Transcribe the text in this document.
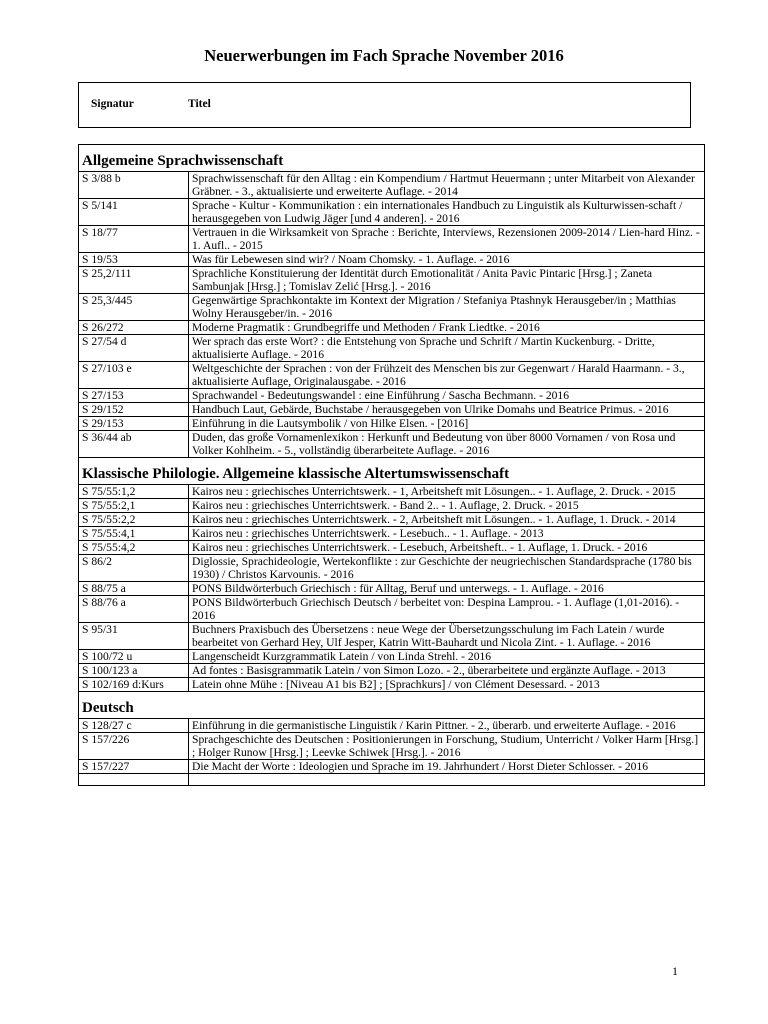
Neuerwerbungen im Fach Sprache November 2016
Signatur	Titel
Allgemeine Sprachwissenschaft	
S 3/88 b	Sprachwissenschaft für den Alltag : ein Kompendium / Hartmut Heuermann ; unter Mitarbeit von Alexander Gräbner. - 3., aktualisierte und erweiterte Auflage. - 2014
S 5/141	Sprache - Kultur - Kommunikation : ein internationales Handbuch zu Linguistik als Kulturwissen-schaft / herausgegeben von Ludwig Jäger [und 4 anderen]. - 2016
S 18/77	Vertrauen in die Wirksamkeit von Sprache : Berichte, Interviews, Rezensionen 2009-2014 / Lien-hard Hinz. - 1. Aufl.. - 2015
S 19/53	Was für Lebewesen sind wir? / Noam Chomsky. - 1. Auflage. - 2016
S 25,2/111	Sprachliche Konstituierung der Identität durch Emotionalität / Anita Pavic Pintaric [Hrsg.] ; Zaneta Sambunjak [Hrsg.] ; Tomislav Zelić [Hrsg.]. - 2016
S 25,3/445	Gegenwärtige Sprachkontakte im Kontext der Migration / Stefaniya Ptashnyk Herausgeber/in ; Matthias Wolny Herausgeber/in. - 2016
S 26/272	Moderne Pragmatik : Grundbegriffe und Methoden / Frank Liedtke. - 2016
S 27/54 d	Wer sprach das erste Wort? : die Entstehung von Sprache und Schrift / Martin Kuckenburg. - Dritte, aktualisierte Auflage. - 2016
S 27/103 e	Weltgeschichte der Sprachen : von der Frühzeit des Menschen bis zur Gegenwart / Harald Haarmann. - 3., aktualisierte Auflage, Originalausgabe. - 2016
S 27/153	Sprachwandel - Bedeutungswandel : eine Einführung / Sascha Bechmann. - 2016
S 29/152	Handbuch Laut, Gebärde, Buchstabe / herausgegeben von Ulrike Domahs und Beatrice Primus. - 2016
S 29/153	Einführung in die Lautsymbolik / von Hilke Elsen. - [2016]
S 36/44 ab	Duden, das große Vornamenlexikon : Herkunft und Bedeutung von über 8000 Vornamen / von Rosa und Volker Kohlheim. - 5., vollständig überarbeitete Auflage. - 2016
Klassische Philologie. Allgemeine klassische Altertumswissenschaft	
S 75/55:1,2	Kairos neu : griechisches Unterrichtswerk. - 1, Arbeitsheft mit Lösungen.. - 1. Auflage, 2. Druck. - 2015
S 75/55:2,1	Kairos neu : griechisches Unterrichtswerk. - Band 2.. - 1. Auflage, 2. Druck. - 2015
S 75/55:2,2	Kairos neu : griechisches Unterrichtswerk. - 2, Arbeitsheft mit Lösungen.. - 1. Auflage, 1. Druck. - 2014
S 75/55:4,1	Kairos neu : griechisches Unterrichtswerk. - Lesebuch.. - 1. Auflage. - 2013
S 75/55:4,2	Kairos neu : griechisches Unterrichtswerk. - Lesebuch, Arbeitsheft.. - 1. Auflage, 1. Druck. - 2016
S 86/2	Diglossie, Sprachideologie, Wertekonflikte : zur Geschichte der neugriechischen Standardsprache (1780 bis 1930) / Christos Karvounis. - 2016
S 88/75 a	PONS Bildwörterbuch Griechisch : für Alltag, Beruf und unterwegs. - 1. Auflage. - 2016
S 88/76 a	PONS Bildwörterbuch Griechisch Deutsch / berbeitet von: Despina Lamprou. - 1. Auflage (1,01-2016). - 2016
S 95/31	Buchners Praxisbuch des Übersetzens : neue Wege der Übersetzungsschulung im Fach Latein / wurde bearbeitet von Gerhard Hey, Ulf Jesper, Katrin Witt-Bauhardt und Nicola Zint. - 1. Auflage. - 2016
S 100/72 u	Langenscheidt Kurzgrammatik Latein / von Linda Strehl. - 2016
S 100/123 a	Ad fontes : Basisgrammatik Latein / von Simon Lozo. - 2., überarbeitete und ergänzte Auflage. - 2013
S 102/169 d:Kurs	Latein ohne Mühe : [Niveau A1 bis B2] ; [Sprachkurs] / von Clément Desessard. - 2013
Deutsch	
S 128/27 c	Einführung in die germanistische Linguistik / Karin Pittner. - 2., überarb. und erweiterte Auflage. - 2016
S 157/226	Sprachgeschichte des Deutschen : Positionierungen in Forschung, Studium, Unterricht / Volker Harm [Hrsg.] ; Holger Runow [Hrsg.] ; Leevke Schiwek [Hrsg.]. - 2016
S 157/227	Die Macht der Worte : Ideologien und Sprache im 19. Jahrhundert / Horst Dieter Schlosser. - 2016

1
